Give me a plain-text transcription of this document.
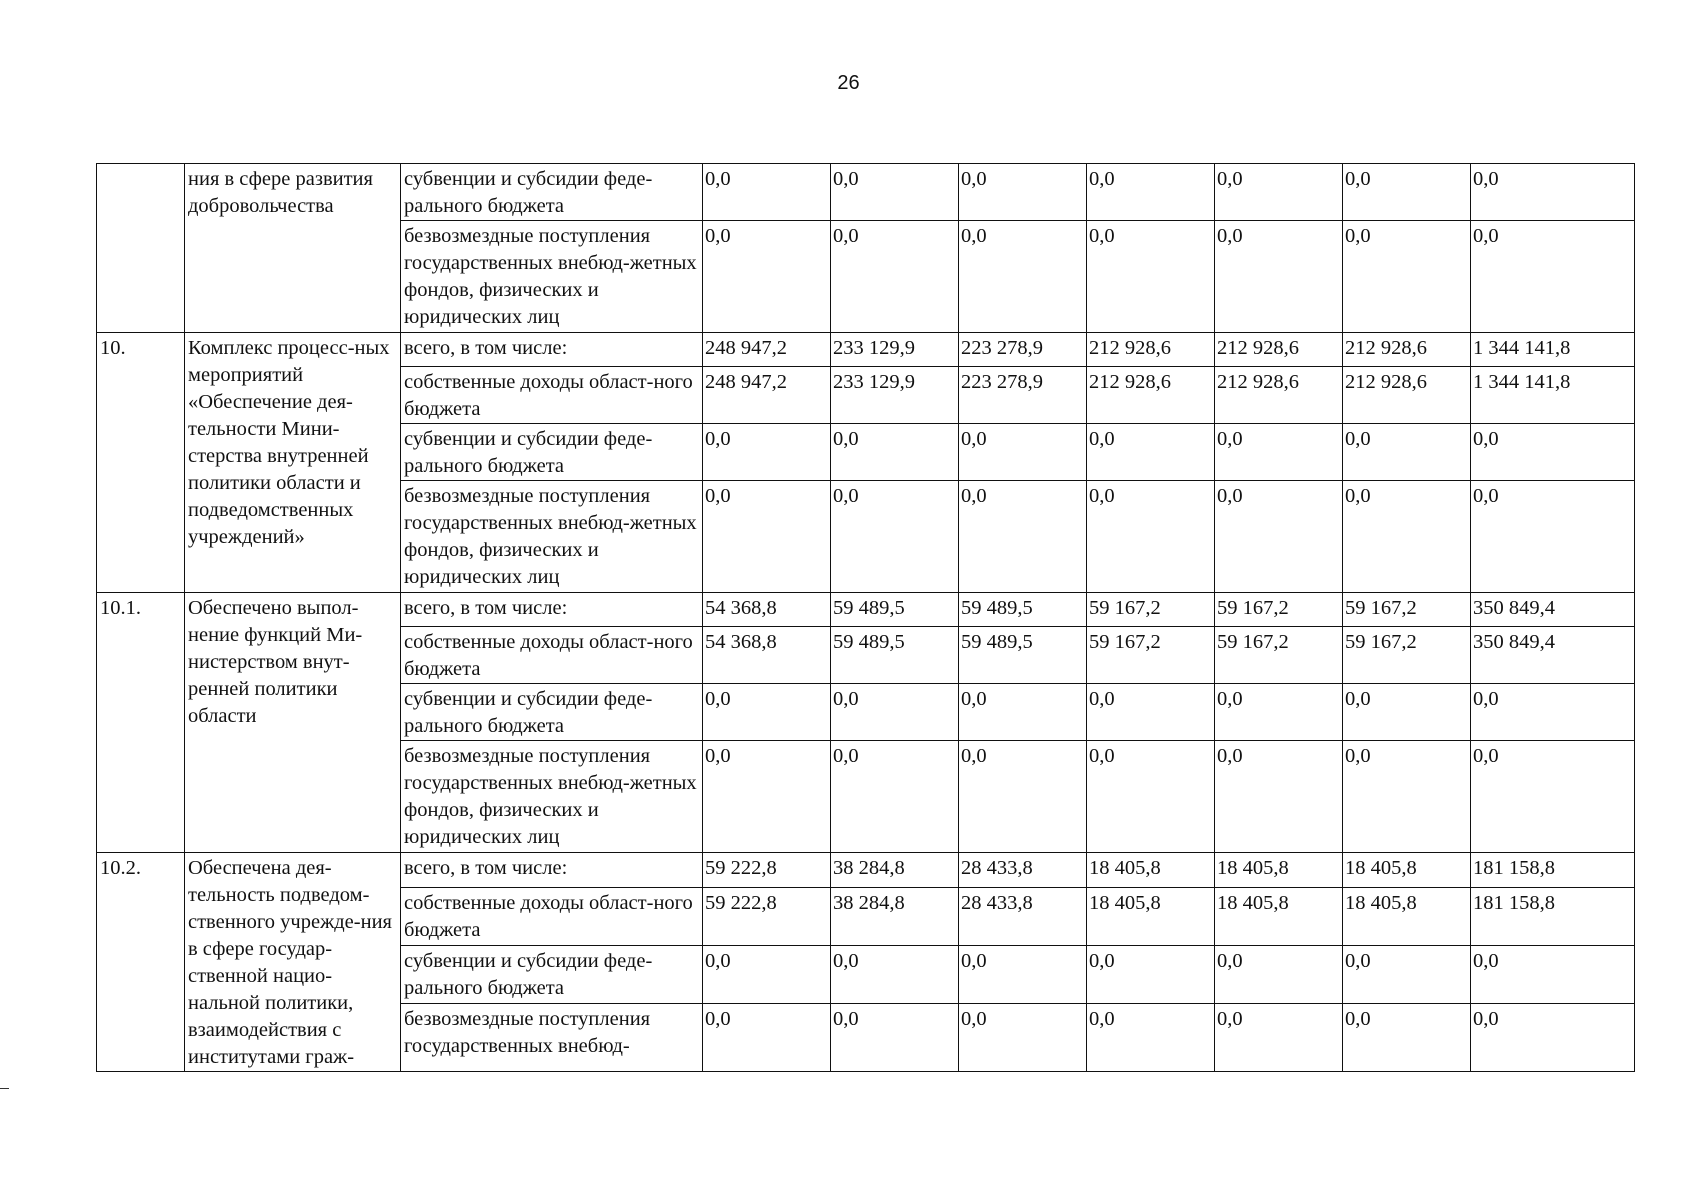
26
	ния в сфере развития добровольчества	субвенции и субсидии феде-рального бюджета	0,0	0,0	0,0	0,0	0,0	0,0	0,0
		безвозмездные поступления государственных внебюд-жетных фондов, физических и юридических лиц	0,0	0,0	0,0	0,0	0,0	0,0	0,0
10.	Комплекс процесс-ных мероприятий «Обеспечение дея-тельности Мини-стерства внутренней политики области и подведомственных учреждений»	всего, в том числе:	248 947,2	233 129,9	223 278,9	212 928,6	212 928,6	212 928,6	1 344 141,8
		собственные доходы област-ного бюджета	248 947,2	233 129,9	223 278,9	212 928,6	212 928,6	212 928,6	1 344 141,8
		субвенции и субсидии феде-рального бюджета	0,0	0,0	0,0	0,0	0,0	0,0	0,0
		безвозмездные поступления государственных внебюд-жетных фондов, физических и юридических лиц	0,0	0,0	0,0	0,0	0,0	0,0	0,0
10.1.	Обеспечено выпол-нение функций Ми-нистерством внут-ренней политики области	всего, в том числе:	54 368,8	59 489,5	59 489,5	59 167,2	59 167,2	59 167,2	350 849,4
		собственные доходы област-ного бюджета	54 368,8	59 489,5	59 489,5	59 167,2	59 167,2	59 167,2	350 849,4
		субвенции и субсидии феде-рального бюджета	0,0	0,0	0,0	0,0	0,0	0,0	0,0
		безвозмездные поступления государственных внебюд-жетных фондов, физических и юридических лиц	0,0	0,0	0,0	0,0	0,0	0,0	0,0
10.2.	Обеспечена дея-тельность подведом-ственного учрежде-ния в сфере государ-ственной нацио-нальной политики, взаимодействия с институтами граж-	всего, в том числе:	59 222,8	38 284,8	28 433,8	18 405,8	18 405,8	18 405,8	181 158,8
		собственные доходы област-ного бюджета	59 222,8	38 284,8	28 433,8	18 405,8	18 405,8	18 405,8	181 158,8
		субвенции и субсидии феде-рального бюджета	0,0	0,0	0,0	0,0	0,0	0,0	0,0
		безвозмездные поступления государственных внебюд-	0,0	0,0	0,0	0,0	0,0	0,0	0,0
